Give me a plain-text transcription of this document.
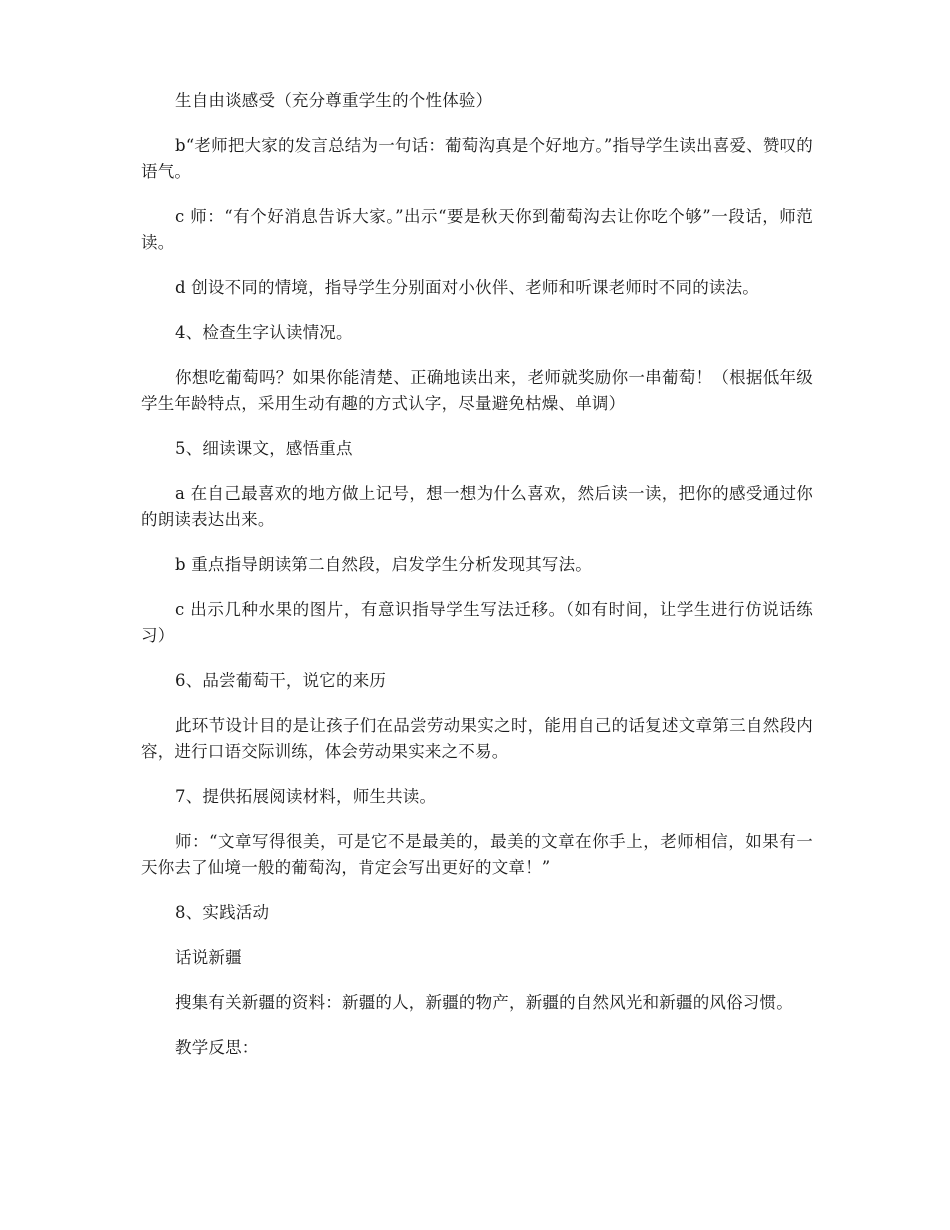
生自由谈感受（充分尊重学生的个性体验）

b“老师把大家的发言总结为一句话：葡萄沟真是个好地方。”指导学生读出喜爱、赞叹的语气。

c 师：“有个好消息告诉大家。”出示“要是秋天你到葡萄沟去让你吃个够”一段话，师范读。

d 创设不同的情境，指导学生分别面对小伙伴、老师和听课老师时不同的读法。

4、检查生字认读情况。

你想吃葡萄吗？如果你能清楚、正确地读出来，老师就奖励你一串葡萄！（根据低年级学生年龄特点，采用生动有趣的方式认字，尽量避免枯燥、单调）

5、细读课文，感悟重点

a 在自己最喜欢的地方做上记号，想一想为什么喜欢，然后读一读，把你的感受通过你的朗读表达出来。

b 重点指导朗读第二自然段，启发学生分析发现其写法。

c 出示几种水果的图片，有意识指导学生写法迁移。（如有时间，让学生进行仿说话练习）

6、品尝葡萄干，说它的来历

此环节设计目的是让孩子们在品尝劳动果实之时，能用自己的话复述文章第三自然段内容，进行口语交际训练，体会劳动果实来之不易。

7、提供拓展阅读材料，师生共读。

师：“文章写得很美，可是它不是最美的，最美的文章在你手上，老师相信，如果有一天你去了仙境一般的葡萄沟，肯定会写出更好的文章！”

8、实践活动

话说新疆

搜集有关新疆的资料：新疆的人，新疆的物产，新疆的自然风光和新疆的风俗习惯。

教学反思：
